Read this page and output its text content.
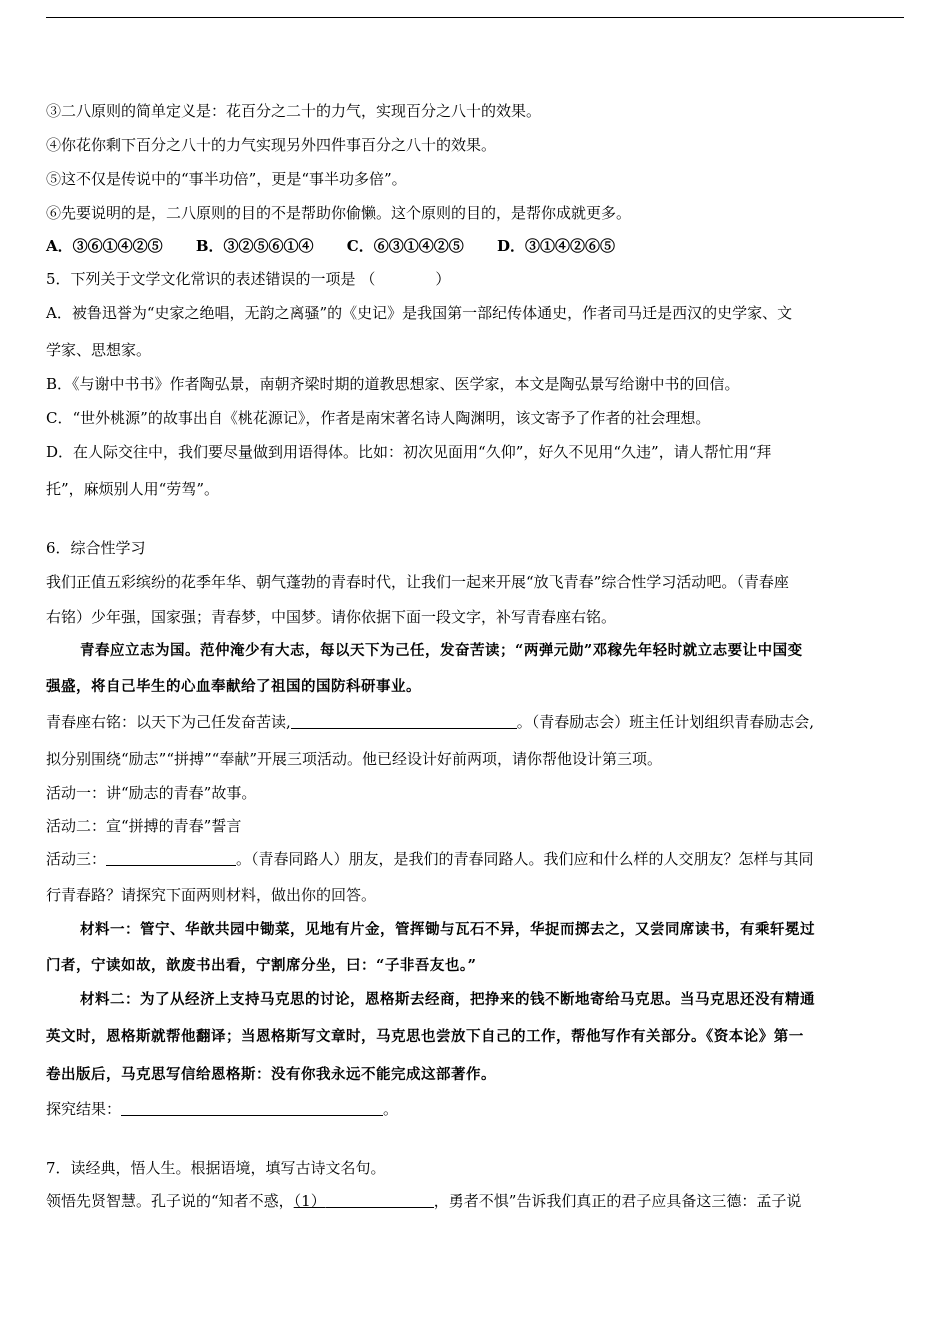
③二八原则的简单定义是：花百分之二十的力气，实现百分之八十的效果。
④你花你剩下百分之八十的力气实现另外四件事百分之八十的效果。
⑤这不仅是传说中的“事半功倍”，更是“事半功多倍”。
⑥先要说明的是，二八原则的目的不是帮助你偷懒。这个原则的目的，是帮你成就更多。
A．③⑥①④②⑤ B．③②⑤⑥①④ C．⑥③①④②⑤ D．③①④②⑥⑤
5．下列关于文学文化常识的表述错误的一项是 （	）
A．被鲁迅誉为“史家之绝唱，无韵之离骚”的《史记》是我国第一部纪传体通史，作者司马迁是西汉的史学家、文
学家、思想家。
B．《与谢中书书》作者陶弘景，南朝齐梁时期的道教思想家、医学家，本文是陶弘景写给谢中书的回信。
C．“世外桃源”的故事出自《桃花源记》，作者是南宋著名诗人陶渊明，该文寄予了作者的社会理想。
D．在人际交往中，我们要尽量做到用语得体。比如：初次见面用“久仰”，好久不见用“久违”，请人帮忙用“拜
托”，麻烦别人用“劳驾”。
6．综合性学习
我们正值五彩缤纷的花季年华、朝气蓬勃的青春时代，让我们一起来开展“放飞青春”综合性学习活动吧。（青春座
右铭）少年强，国家强；青春梦，中国梦。请你依据下面一段文字，补写青春座右铭。
青春应立志为国。范仲淹少有大志，每以天下为己任，发奋苦读；“两弹元勋”邓稼先年轻时就立志要让中国变
强盛，将自己毕生的心血奉献给了祖国的国防科研事业。
青春座右铭：以天下为己任发奋苦读,	。（青春励志会）班主任计划组织青春励志会,
拟分别围绕“励志”“拼搏”“奉献”开展三项活动。他已经设计好前两项，请你帮他设计第三项。
活动一：讲“励志的青春”故事。
活动二：宣“拼搏的青春”誓言
活动三：	。（青春同路人）朋友，是我们的青春同路人。我们应和什么样的人交朋友？怎样与其同
行青春路？请探究下面两则材料，做出你的回答。
材料一：管宁、华歆共园中锄菜，见地有片金，管挥锄与瓦石不异，华捉而掷去之，又尝同席读书，有乘轩冕过
门者，宁读如故，歆废书出看，宁割席分坐，曰：“子非吾友也。”
材料二：为了从经济上支持马克思的讨论，恩格斯去经商，把挣来的钱不断地寄给马克思。当马克思还没有精通
英文时，恩格斯就帮他翻译；当恩格斯写文章时，马克思也尝放下自己的工作，帮他写作有关部分。《资本论》第一
卷出版后，马克思写信给恩格斯：没有你我永远不能完成这部著作。
探究结果：	。
7．读经典，悟人生。根据语境，填写古诗文名句。
领悟先贤智慧。孔子说的“知者不惑，（1）	，勇者不惧”告诉我们真正的君子应具备这三德：孟子说
